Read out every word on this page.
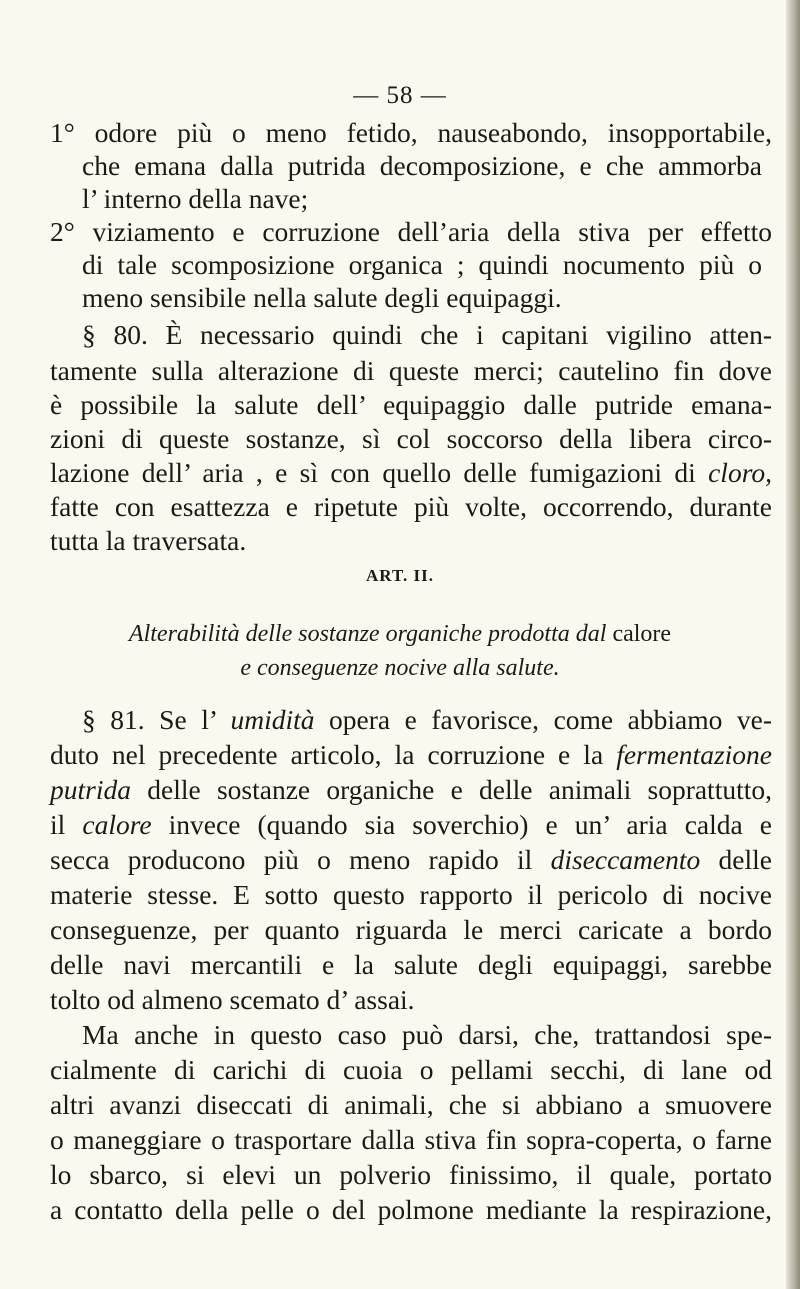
— 58 —
1° odore più o meno fetido, nauseabondo, insopportabile,
che emana dalla putrida decomposizione, e che ammorba
l’ interno della nave;
2° viziamento e corruzione dell’aria della stiva per effetto
di tale scomposizione organica ; quindi nocumento più o
meno sensibile nella salute degli equipaggi.
§ 80. È necessario quindi che i capitani vigilino atten-
tamente sulla alterazione di queste merci; cautelino fin dove
è possibile la salute dell’ equipaggio dalle putride emana-
zioni di queste sostanze, sì col soccorso della libera circo-
lazione dell’ aria , e sì con quello delle fumigazioni di cloro,
fatte con esattezza e ripetute più volte, occorrendo, durante
tutta la traversata.
ART. II.
Alterabilità delle sostanze organiche prodotta dal calore
e conseguenze nocive alla salute.
§ 81. Se l’ umidità opera e favorisce, come abbiamo ve-
duto nel precedente articolo, la corruzione e la fermentazione
putrida delle sostanze organiche e delle animali soprattutto,
il calore invece (quando sia soverchio) e un’ aria calda e
secca producono più o meno rapido il diseccamento delle
materie stesse. E sotto questo rapporto il pericolo di nocive
conseguenze, per quanto riguarda le merci caricate a bordo
delle navi mercantili e la salute degli equipaggi, sarebbe
tolto od almeno scemato d’ assai.
Ma anche in questo caso può darsi, che, trattandosi spe-
cialmente di carichi di cuoia o pellami secchi, di lane od
altri avanzi diseccati di animali, che si abbiano a smuovere
o maneggiare o trasportare dalla stiva fin sopra-coperta, o farne
lo sbarco, si elevi un polverio finissimo, il quale, portato
a contatto della pelle o del polmone mediante la respirazione,
